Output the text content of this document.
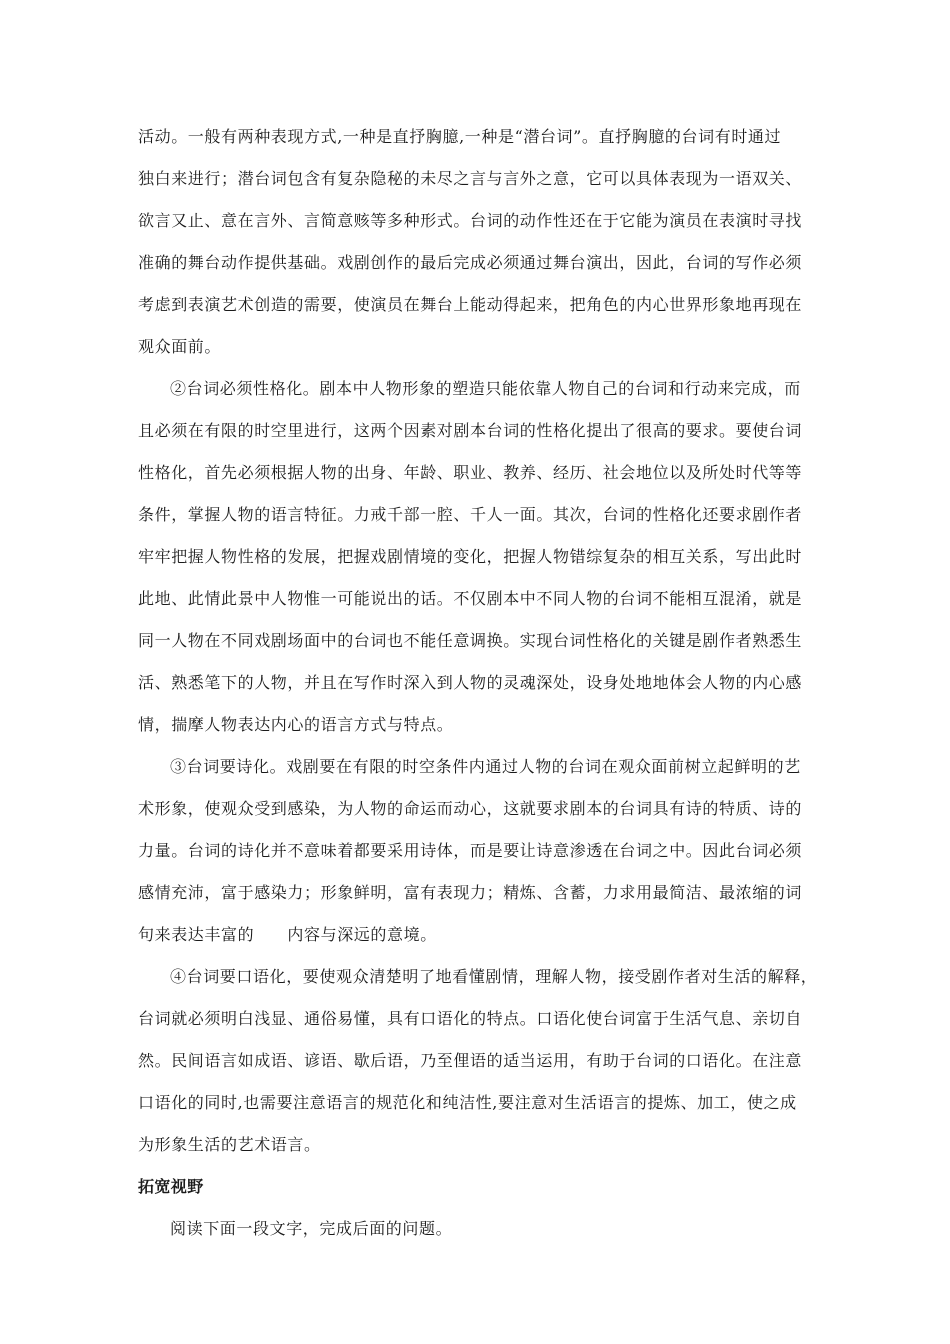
活动。一般有两种表现方式,一种是直抒胸臆,一种是“潜台词”。直抒胸臆的台词有时通过
独白来进行；潜台词包含有复杂隐秘的未尽之言与言外之意，它可以具体表现为一语双关、
欲言又止、意在言外、言简意赅等多种形式。台词的动作性还在于它能为演员在表演时寻找
准确的舞台动作提供基础。戏剧创作的最后完成必须通过舞台演出，因此，台词的写作必须
考虑到表演艺术创造的需要，使演员在舞台上能动得起来，把角色的内心世界形象地再现在
观众面前。
②台词必须性格化。剧本中人物形象的塑造只能依靠人物自己的台词和行动来完成，而
且必须在有限的时空里进行，这两个因素对剧本台词的性格化提出了很高的要求。要使台词
性格化，首先必须根据人物的出身、年龄、职业、教养、经历、社会地位以及所处时代等等
条件，掌握人物的语言特征。力戒千部一腔、千人一面。其次，台词的性格化还要求剧作者
牢牢把握人物性格的发展，把握戏剧情境的变化，把握人物错综复杂的相互关系，写出此时
此地、此情此景中人物惟一可能说出的话。不仅剧本中不同人物的台词不能相互混淆，就是
同一人物在不同戏剧场面中的台词也不能任意调换。实现台词性格化的关键是剧作者熟悉生
活、熟悉笔下的人物，并且在写作时深入到人物的灵魂深处，设身处地地体会人物的内心感
情，揣摩人物表达内心的语言方式与特点。
③台词要诗化。戏剧要在有限的时空条件内通过人物的台词在观众面前树立起鲜明的艺
术形象，使观众受到感染，为人物的命运而动心，这就要求剧本的台词具有诗的特质、诗的
力量。台词的诗化并不意味着都要采用诗体，而是要让诗意渗透在台词之中。因此台词必须
感情充沛，富于感染力；形象鲜明，富有表现力；精炼、含蓄，力求用最简洁、最浓缩的词
句来表达丰富的　　内容与深远的意境。
④台词要口语化，要使观众清楚明了地看懂剧情，理解人物，接受剧作者对生活的解释，
台词就必须明白浅显、通俗易懂，具有口语化的特点。口语化使台词富于生活气息、亲切自
然。民间语言如成语、谚语、歇后语，乃至俚语的适当运用，有助于台词的口语化。在注意
口语化的同时,也需要注意语言的规范化和纯洁性,要注意对生活语言的提炼、加工，使之成
为形象生活的艺术语言。
拓宽视野
阅读下面一段文字，完成后面的问题。
